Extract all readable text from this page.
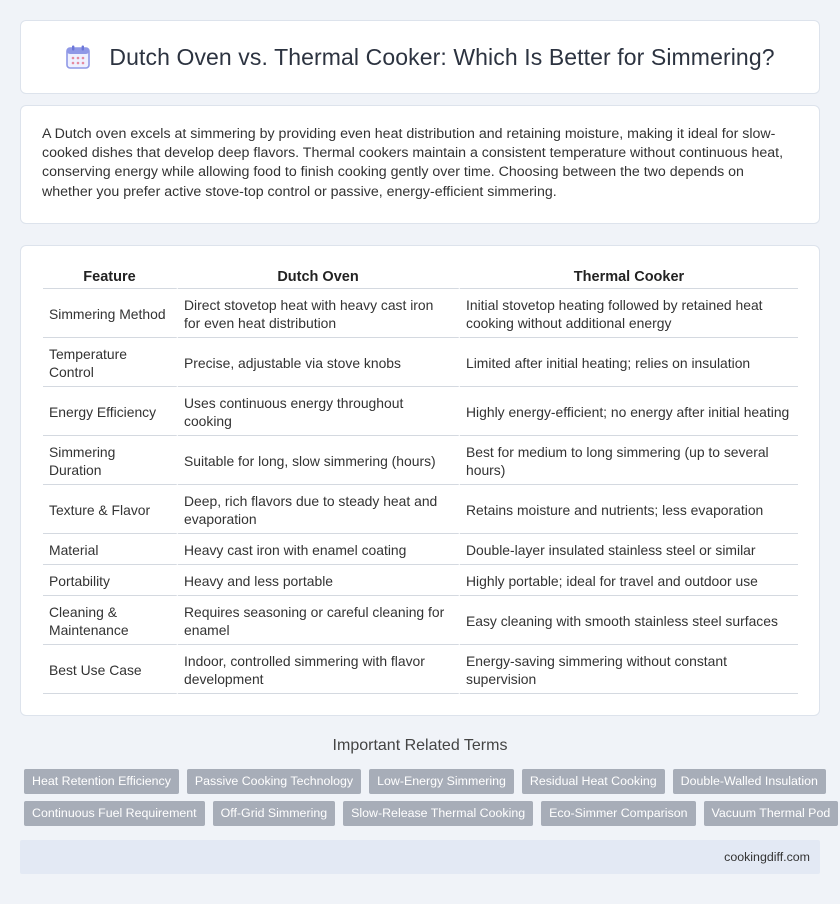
Dutch Oven vs. Thermal Cooker: Which Is Better for Simmering?

A Dutch oven excels at simmering by providing even heat distribution and retaining moisture, making it ideal for slow-cooked dishes that develop deep flavors. Thermal cookers maintain a consistent temperature without continuous heat, conserving energy while allowing food to finish cooking gently over time. Choosing between the two depends on whether you prefer active stove-top control or passive, energy-efficient simmering.

Feature	Dutch Oven	Thermal Cooker
Simmering Method	Direct stovetop heat with heavy cast iron for even heat distribution	Initial stovetop heating followed by retained heat cooking without additional energy
Temperature Control	Precise, adjustable via stove knobs	Limited after initial heating; relies on insulation
Energy Efficiency	Uses continuous energy throughout cooking	Highly energy-efficient; no energy after initial heating
Simmering Duration	Suitable for long, slow simmering (hours)	Best for medium to long simmering (up to several hours)
Texture & Flavor	Deep, rich flavors due to steady heat and evaporation	Retains moisture and nutrients; less evaporation
Material	Heavy cast iron with enamel coating	Double-layer insulated stainless steel or similar
Portability	Heavy and less portable	Highly portable; ideal for travel and outdoor use
Cleaning & Maintenance	Requires seasoning or careful cleaning for enamel	Easy cleaning with smooth stainless steel surfaces
Best Use Case	Indoor, controlled simmering with flavor development	Energy-saving simmering without constant supervision
Important Related Terms
Heat Retention Efficiency	Passive Cooking Technology	Low-Energy Simmering	Residual Heat Cooking	Double-Walled Insulation
Continuous Fuel Requirement	Off-Grid Simmering	Slow-Release Thermal Cooking	Eco-Simmer Comparison	Vacuum Thermal Pod
cookingdiff.com
